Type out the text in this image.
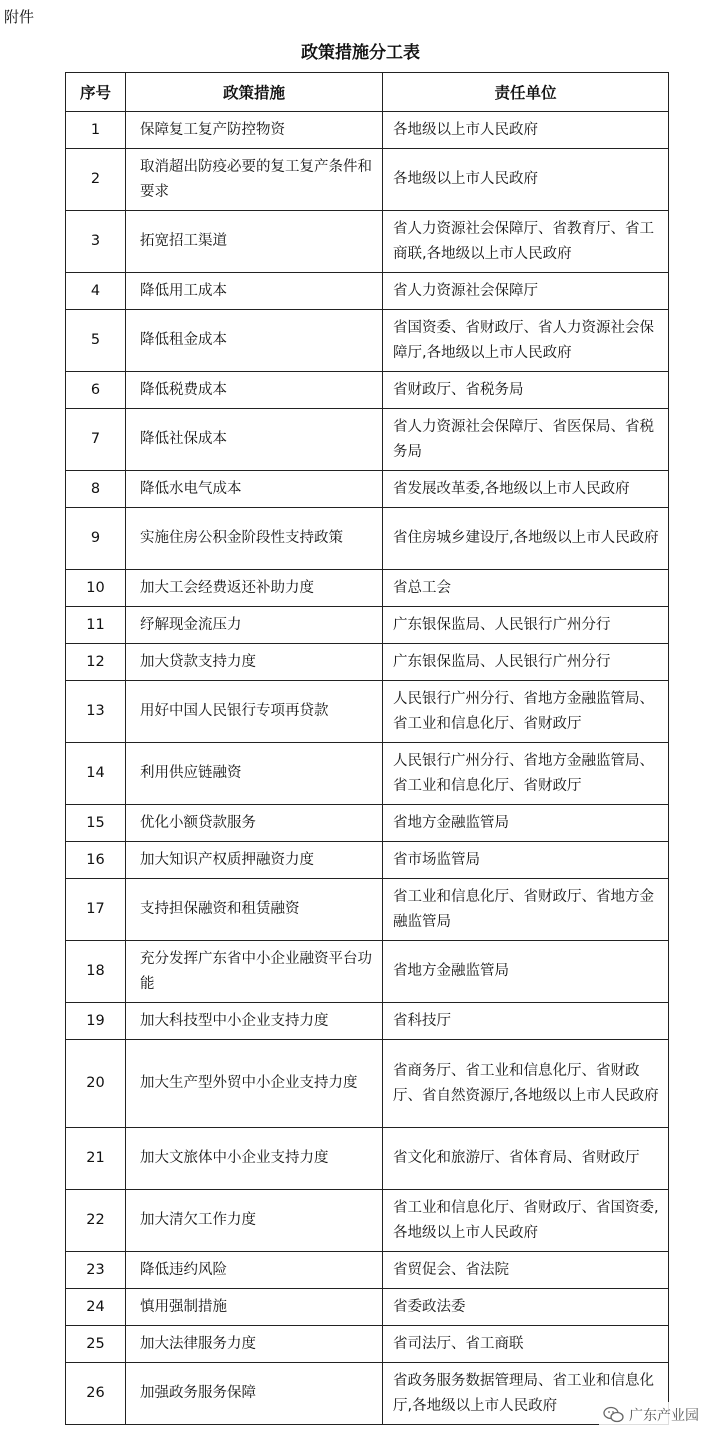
附件
政策措施分工表
序号	政策措施	责任单位
1	保障复工复产防控物资	各地级以上市人民政府
2	取消超出防疫必要的复工复产条件和要求	各地级以上市人民政府
3	拓宽招工渠道	省人力资源社会保障厅、省教育厅、省工商联,各地级以上市人民政府
4	降低用工成本	省人力资源社会保障厅
5	降低租金成本	省国资委、省财政厅、省人力资源社会保障厅,各地级以上市人民政府
6	降低税费成本	省财政厅、省税务局
7	降低社保成本	省人力资源社会保障厅、省医保局、省税务局
8	降低水电气成本	省发展改革委,各地级以上市人民政府
9	实施住房公积金阶段性支持政策	省住房城乡建设厅,各地级以上市人民政府
10	加大工会经费返还补助力度	省总工会
11	纾解现金流压力	广东银保监局、人民银行广州分行
12	加大贷款支持力度	广东银保监局、人民银行广州分行
13	用好中国人民银行专项再贷款	人民银行广州分行、省地方金融监管局、省工业和信息化厅、省财政厅
14	利用供应链融资	人民银行广州分行、省地方金融监管局、省工业和信息化厅、省财政厅
15	优化小额贷款服务	省地方金融监管局
16	加大知识产权质押融资力度	省市场监管局
17	支持担保融资和租赁融资	省工业和信息化厅、省财政厅、省地方金融监管局
18	充分发挥广东省中小企业融资平台功能	省地方金融监管局
19	加大科技型中小企业支持力度	省科技厅
20	加大生产型外贸中小企业支持力度	省商务厅、省工业和信息化厅、省财政厅、省自然资源厅,各地级以上市人民政府
21	加大文旅体中小企业支持力度	省文化和旅游厅、省体育局、省财政厅
22	加大清欠工作力度	省工业和信息化厅、省财政厅、省国资委,各地级以上市人民政府
23	降低违约风险	省贸促会、省法院
24	慎用强制措施	省委政法委
25	加大法律服务力度	省司法厅、省工商联
26	加强政务服务保障	省政务服务数据管理局、省工业和信息化厅,各地级以上市人民政府
广东产业园
